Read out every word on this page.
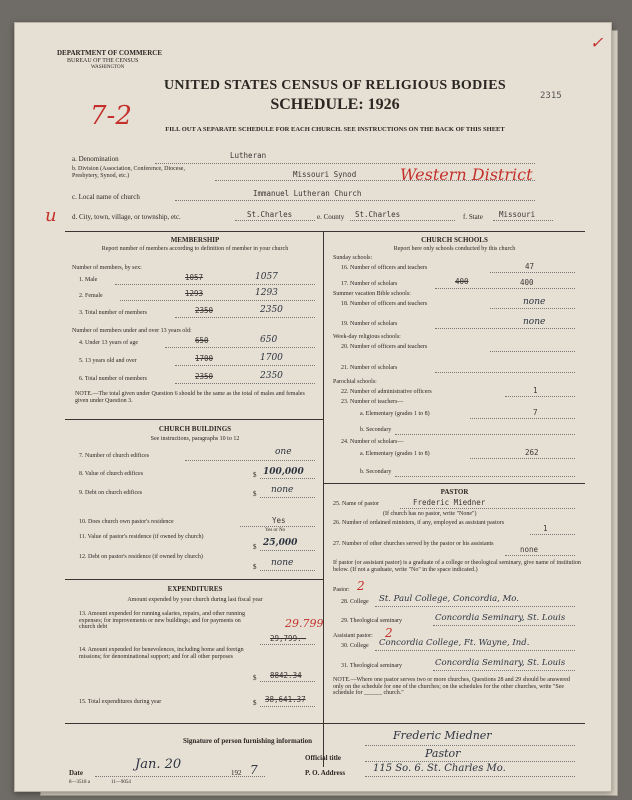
DEPARTMENT OF COMMERCE
BUREAU OF THE CENSUS
WASHINGTON
✓
UNITED STATES CENSUS OF RELIGIOUS BODIES
SCHEDULE: 1926	2315
7-2	FILL OUT A SEPARATE SCHEDULE FOR EACH CHURCH. SEE INSTRUCTIONS ON THE BACK OF THIS SHEET
a. Denomination	Lutheran
b. Division (Association, Conference, Diocese, Presbytery, Synod, etc.)	Missouri Synod	Western District
u
c. Local name of church	Immanuel Lutheran Church
d. City, town, village, or township, etc.	St.Charles	e. County St.Charles	f. State Missouri
MEMBERSHIP
Report number of members according to definition of member in your church
Number of members, by sex:
1. Male	1057	1057
2. Female	1293	1293
3. Total number of members	2350	2350
Number of members under and over 13 years old:
4. Under 13 years of age	650	650
5. 13 years old and over	1700	1700
6. Total number of members	2350	2350
NOTE.—The total given under Question 6 should be the same as the total of males and females given under Question 3.
CHURCH BUILDINGS
See instructions, paragraphs 10 to 12
7. Number of church edifices	one
8. Value of church edifices	$ 100,000
9. Debt on church edifices	$ none
10. Does church own pastor's residence	Yes
Yes or No
11. Value of pastor's residence (if owned by church)
$ 25,000
12. Debt on pastor's residence (if owned by church)
$ none
EXPENDITURES
Amount expended by your church during last fiscal year
13. Amount expended for running salaries, repairs, and other running expenses; for improvements or new buildings; and for payments on church debt	29.799
29,799.—
14. Amount expended for benevolences, including home and foreign missions; for denominational support; and for all other purposes
$ 8842.34
15. Total expenditures during year	$ 38,641.37
CHURCH SCHOOLS
Report here only schools conducted by this church
Sunday schools:
16. Number of officers and teachers	47
17. Number of scholars	400	400
Summer vacation Bible schools:
18. Number of officers and teachers	none
19. Number of scholars	none
Week-day religious schools:
20. Number of officers and teachers
21. Number of scholars
Parochial schools:
22. Number of administrative officers	1
23. Number of teachers—
a. Elementary (grades 1 to 8)	7
b. Secondary
24. Number of scholars—
a. Elementary (grades 1 to 8)	262
b. Secondary
PASTOR
25. Name of pastor	Frederic Miedner
(If church has no pastor, write "None")
26. Number of ordained ministers, if any, employed as assistant pastors
1
27. Number of other churches served by the pastor or his assistants
none
If pastor (or assistant pastor) is a graduate of a college or theological seminary, give name of institution below. (If not a graduate, write "No" in the space indicated.)
Pastor: 2
28. College St. Paul College, Concordia, Mo.
29. Theological seminary	Concordia Seminary, St. Louis
Assistant pastor: 2
30. College Concordia College, Ft. Wayne, Ind.
31. Theological seminary	Concordia Seminary, St. Louis
NOTE.—Where one pastor serves two or more churches, Questions 28 and 29 should be answered only on the schedule for one of the churches; on the schedules for the other churches, write "See schedule for ______ church."
Signature of person furnishing information	Frederic Miedner
Official title	Pastor
Date
Jan. 20
192 7	P. O. Address	115 So. 6. St. Charles Mo.
8—3518 a	11—9054
